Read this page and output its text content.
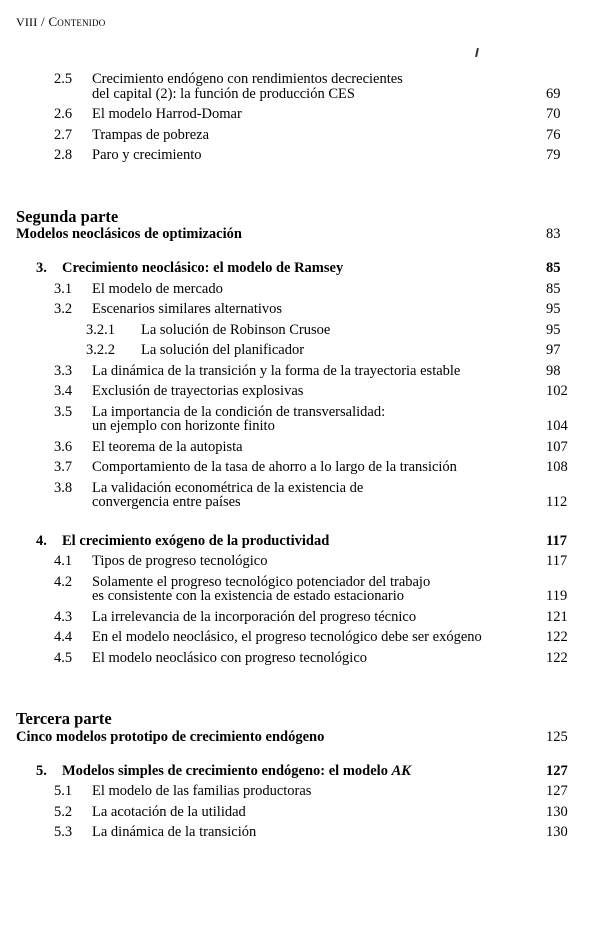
VIII / Contenido
2.5	Crecimiento endógeno con rendimientos decrecientes
del capital (2): la función de producción CES	69
2.6	El modelo Harrod-Domar	70
2.7	Trampas de pobreza	76
2.8	Paro y crecimiento	79
Segunda parte
Modelos neoclásicos de optimización	83
3.	Crecimiento neoclásico: el modelo de Ramsey	85
3.1	El modelo de mercado	85
3.2	Escenarios similares alternativos	95
3.2.1	La solución de Robinson Crusoe	95
3.2.2	La solución del planificador	97
3.3	La dinámica de la transición y la forma de la trayectoria estable	98
3.4	Exclusión de trayectorias explosivas	102
3.5	La importancia de la condición de transversalidad:
un ejemplo con horizonte finito	104
3.6	El teorema de la autopista	107
3.7	Comportamiento de la tasa de ahorro a lo largo de la transición	108
3.8	La validación econométrica de la existencia de
convergencia entre países	112
4.	El crecimiento exógeno de la productividad	117
4.1	Tipos de progreso tecnológico	117
4.2	Solamente el progreso tecnológico potenciador del trabajo
es consistente con la existencia de estado estacionario	119
4.3	La irrelevancia de la incorporación del progreso técnico	121
4.4	En el modelo neoclásico, el progreso tecnológico debe ser exógeno	122
4.5	El modelo neoclásico con progreso tecnológico	122
Tercera parte
Cinco modelos prototipo de crecimiento endógeno	125
5.	Modelos simples de crecimiento endógeno: el modelo AK	127
5.1	El modelo de las familias productoras	127
5.2	La acotación de la utilidad	130
5.3	La dinámica de la transición	130
